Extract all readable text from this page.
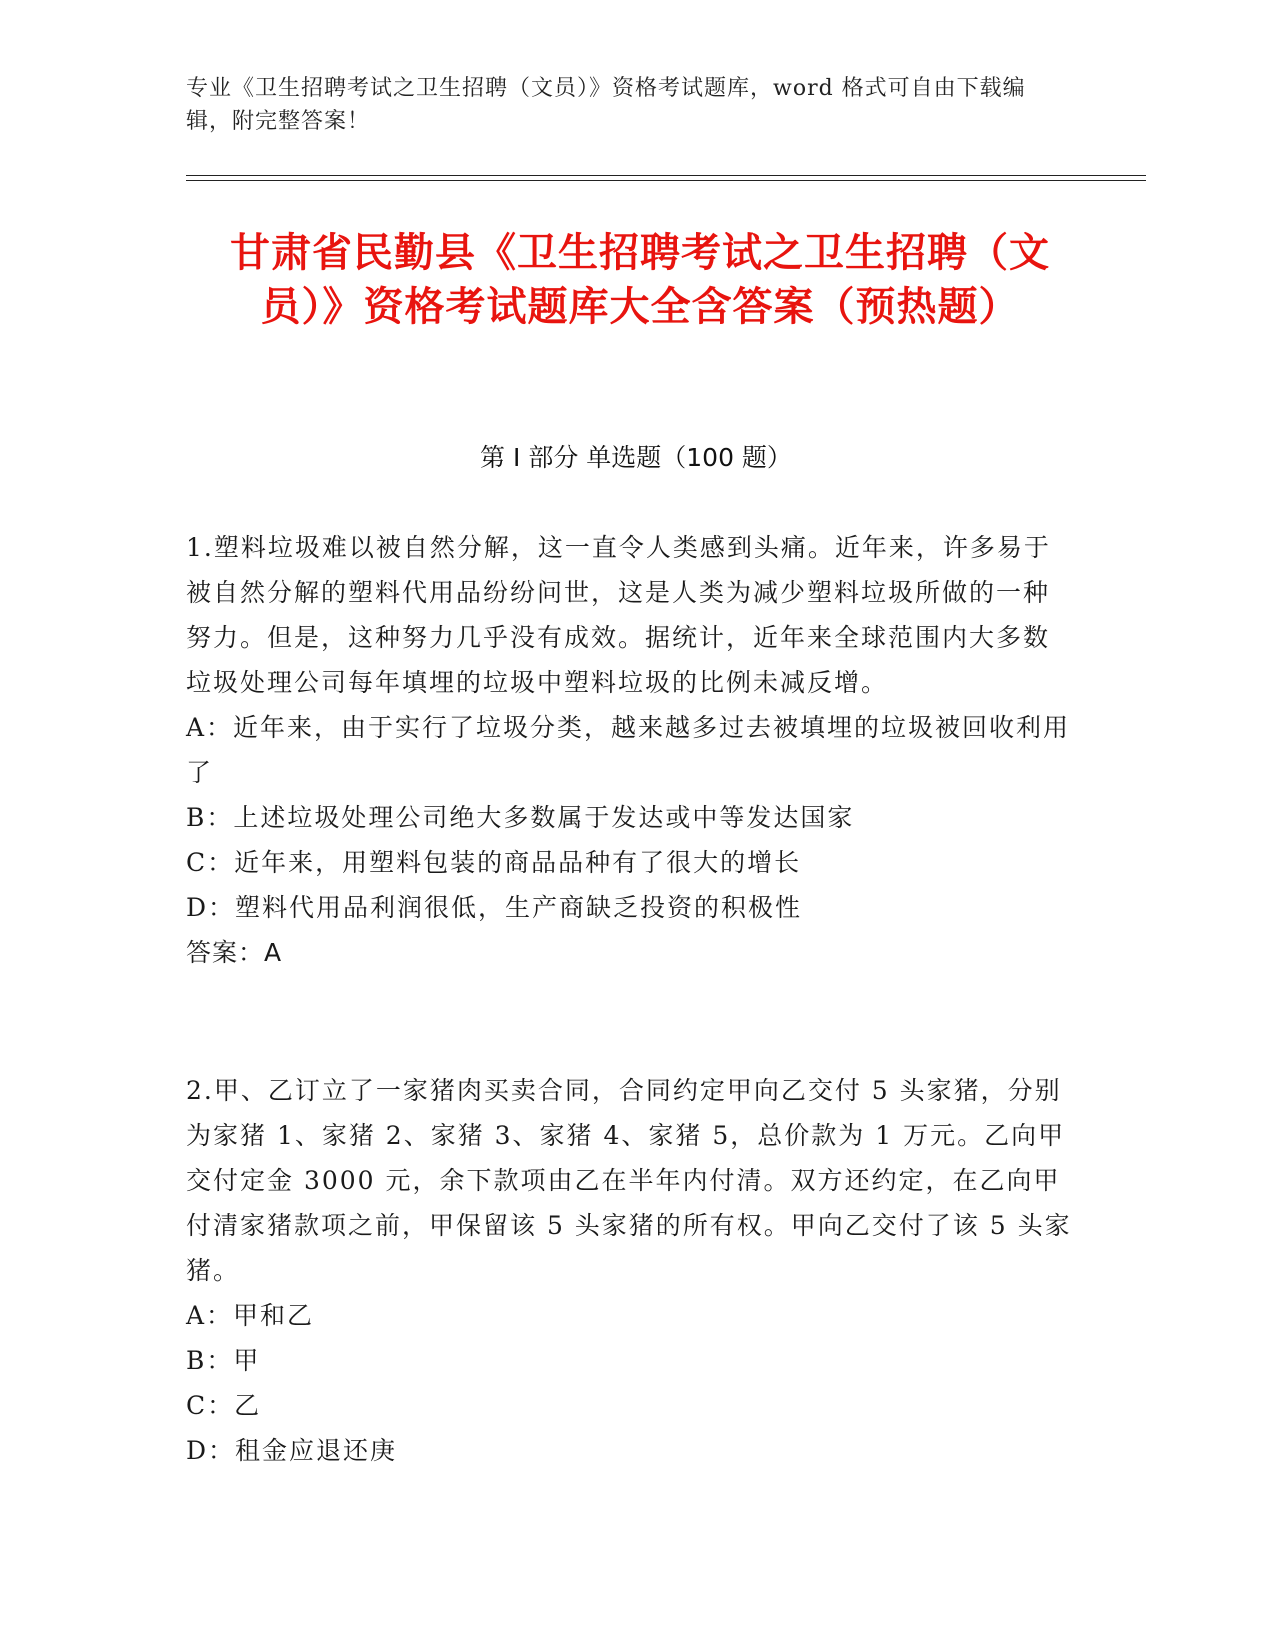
专业《卫生招聘考试之卫生招聘（文员）》资格考试题库，word 格式可自由下载编辑，附完整答案！
甘肃省民勤县《卫生招聘考试之卫生招聘（文员）》资格考试题库大全含答案（预热题）
第 I 部分 单选题（100 题）

1.塑料垃圾难以被自然分解，这一直令人类感到头痛。近年来，许多易于被自然分解的塑料代用品纷纷问世，这是人类为减少塑料垃圾所做的一种努力。但是，这种努力几乎没有成效。据统计，近年来全球范围内大多数垃圾处理公司每年填埋的垃圾中塑料垃圾的比例未减反增。

A：近年来，由于实行了垃圾分类，越来越多过去被填埋的垃圾被回收利用了

B：上述垃圾处理公司绝大多数属于发达或中等发达国家

C：近年来，用塑料包装的商品品种有了很大的增长

D：塑料代用品利润很低，生产商缺乏投资的积极性

答案：A

2.甲、乙订立了一家猪肉买卖合同，合同约定甲向乙交付 5 头家猪，分别为家猪 1、家猪 2、家猪 3、家猪 4、家猪 5，总价款为 1 万元。乙向甲交付定金 3000 元，余下款项由乙在半年内付清。双方还约定，在乙向甲付清家猪款项之前，甲保留该 5 头家猪的所有权。甲向乙交付了该 5 头家猪。

A：甲和乙

B：甲

C：乙

D：租金应退还庚
